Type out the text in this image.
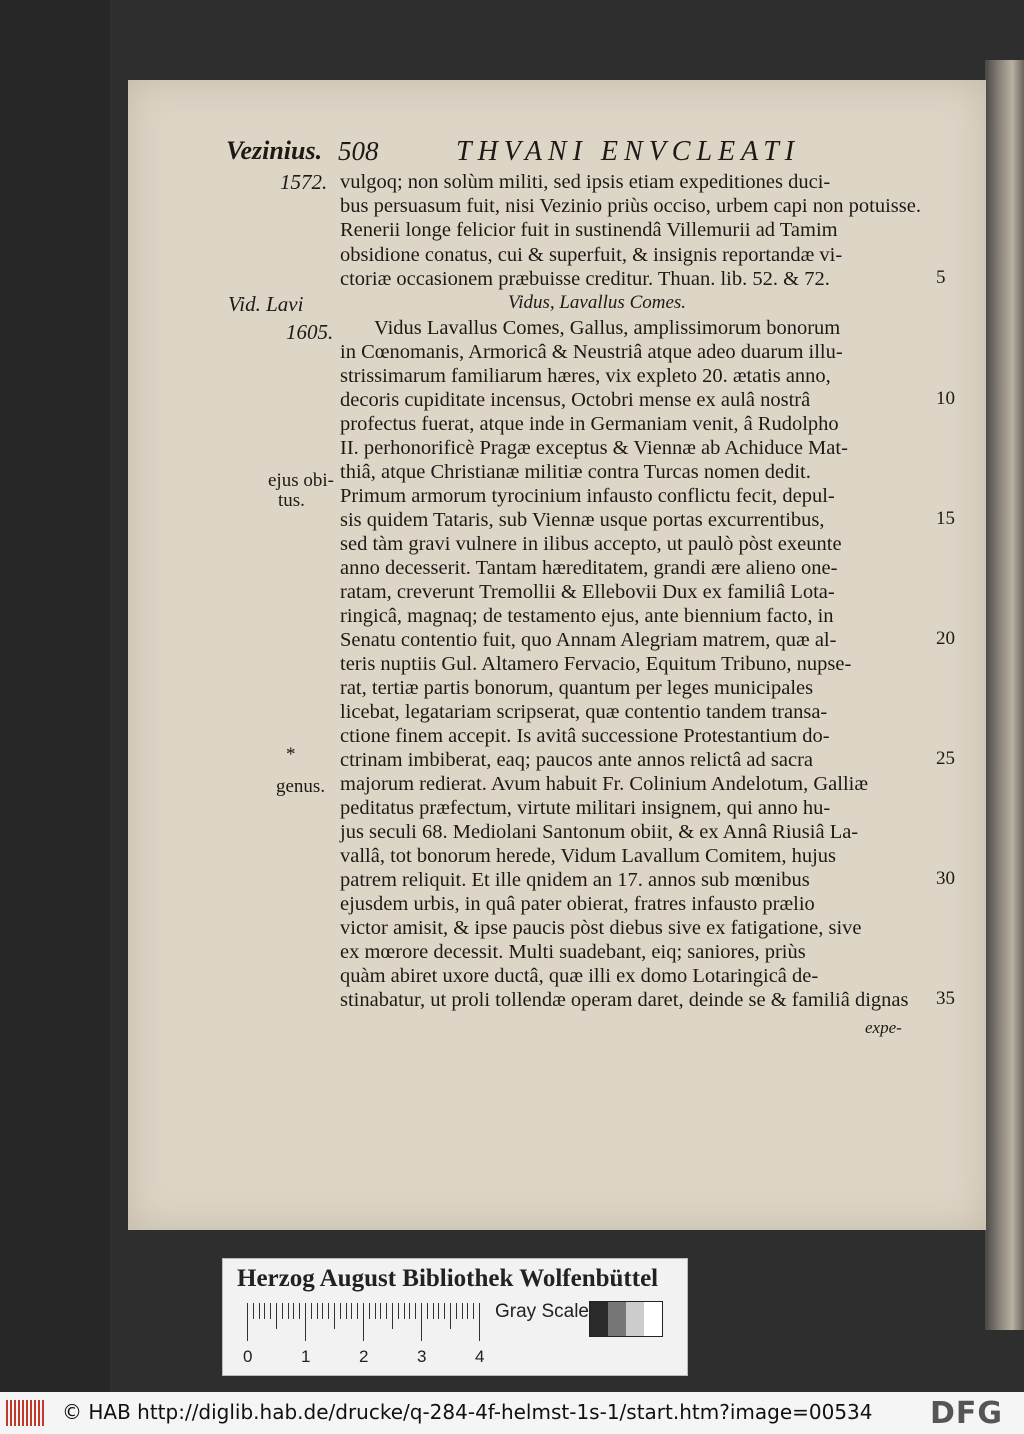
Vezinius. 508	THVANI ENVCLEATI
Vidus, Lavallus Comes.
expe-
vulgoq; non solùm militi, sed ipsis etiam expeditiones duci-
bus persuasum fuit, nisi Vezinio priùs occiso, urbem capi non potuisse.
Renerii longe felicior fuit in sustinendâ Villemurii ad Tamim
obsidione conatus, cui & superfuit, & insignis reportandæ vi-
ctoriæ occasionem præbuisse creditur. Thuan. lib. 52. & 72.
Vidus Lavallus Comes, Gallus, amplissimorum bonorum
in Cœnomanis, Armoricâ & Neustriâ atque adeo duarum illu-
strissimarum familiarum hæres, vix expleto 20. ætatis anno,
decoris cupiditate incensus, Octobri mense ex aulâ nostrâ
profectus fuerat, atque inde in Germaniam venit, â Rudolpho
II. perhonorificè Pragæ exceptus & Viennæ ab Achiduce Mat-
thiâ, atque Christianæ militiæ contra Turcas nomen dedit.
Primum armorum tyrocinium infausto conflictu fecit, depul-
sis quidem Tataris, sub Viennæ usque portas excurrentibus,
sed tàm gravi vulnere in ilibus accepto, ut paulò pòst exeunte
anno decesserit. Tantam hæreditatem, grandi ære alieno one-
ratam, creverunt Tremollii & Ellebovii Dux ex familiâ Lota-
ringicâ, magnaq; de testamento ejus, ante biennium facto, in
Senatu contentio fuit, quo Annam Alegriam matrem, quæ al-
teris nuptiis Gul. Altamero Fervacio, Equitum Tribuno, nupse-
rat, tertiæ partis bonorum, quantum per leges municipales
licebat, legatariam scripserat, quæ contentio tandem transa-
ctione finem accepit. Is avitâ successione Protestantium do-
ctrinam imbiberat, eaq; paucos ante annos relictâ ad sacra
majorum redierat. Avum habuit Fr. Colinium Andelotum, Galliæ
peditatus præfectum, virtute militari insignem, qui anno hu-
jus seculi 68. Mediolani Santonum obiit, & ex Annâ Riusiâ La-
vallâ, tot bonorum herede, Vidum Lavallum Comitem, hujus
patrem reliquit. Et ille qnidem an 17. annos sub mœnibus
ejusdem urbis, in quâ pater obierat, fratres infausto prælio
victor amisit, & ipse paucis pòst diebus sive ex fatigatione, sive
ex mœrore decessit. Multi suadebant, eiq; saniores, priùs
quàm abiret uxore ductâ, quæ illi ex domo Lotaringicâ de-
stinabatur, ut proli tollendæ operam daret, deinde se & familiâ dignas
1572.
Vid. Lavi
1605.
ejus obi-
tus.
*
genus.
5
10
15
20
25
30
35
Herzog August Bibliothek Wolfenbüttel
0	1	2	3	4
Gray Scale
© HAB http://diglib.hab.de/drucke/q-284-4f-helmst-1s-1/start.htm?image=00534 DFG
